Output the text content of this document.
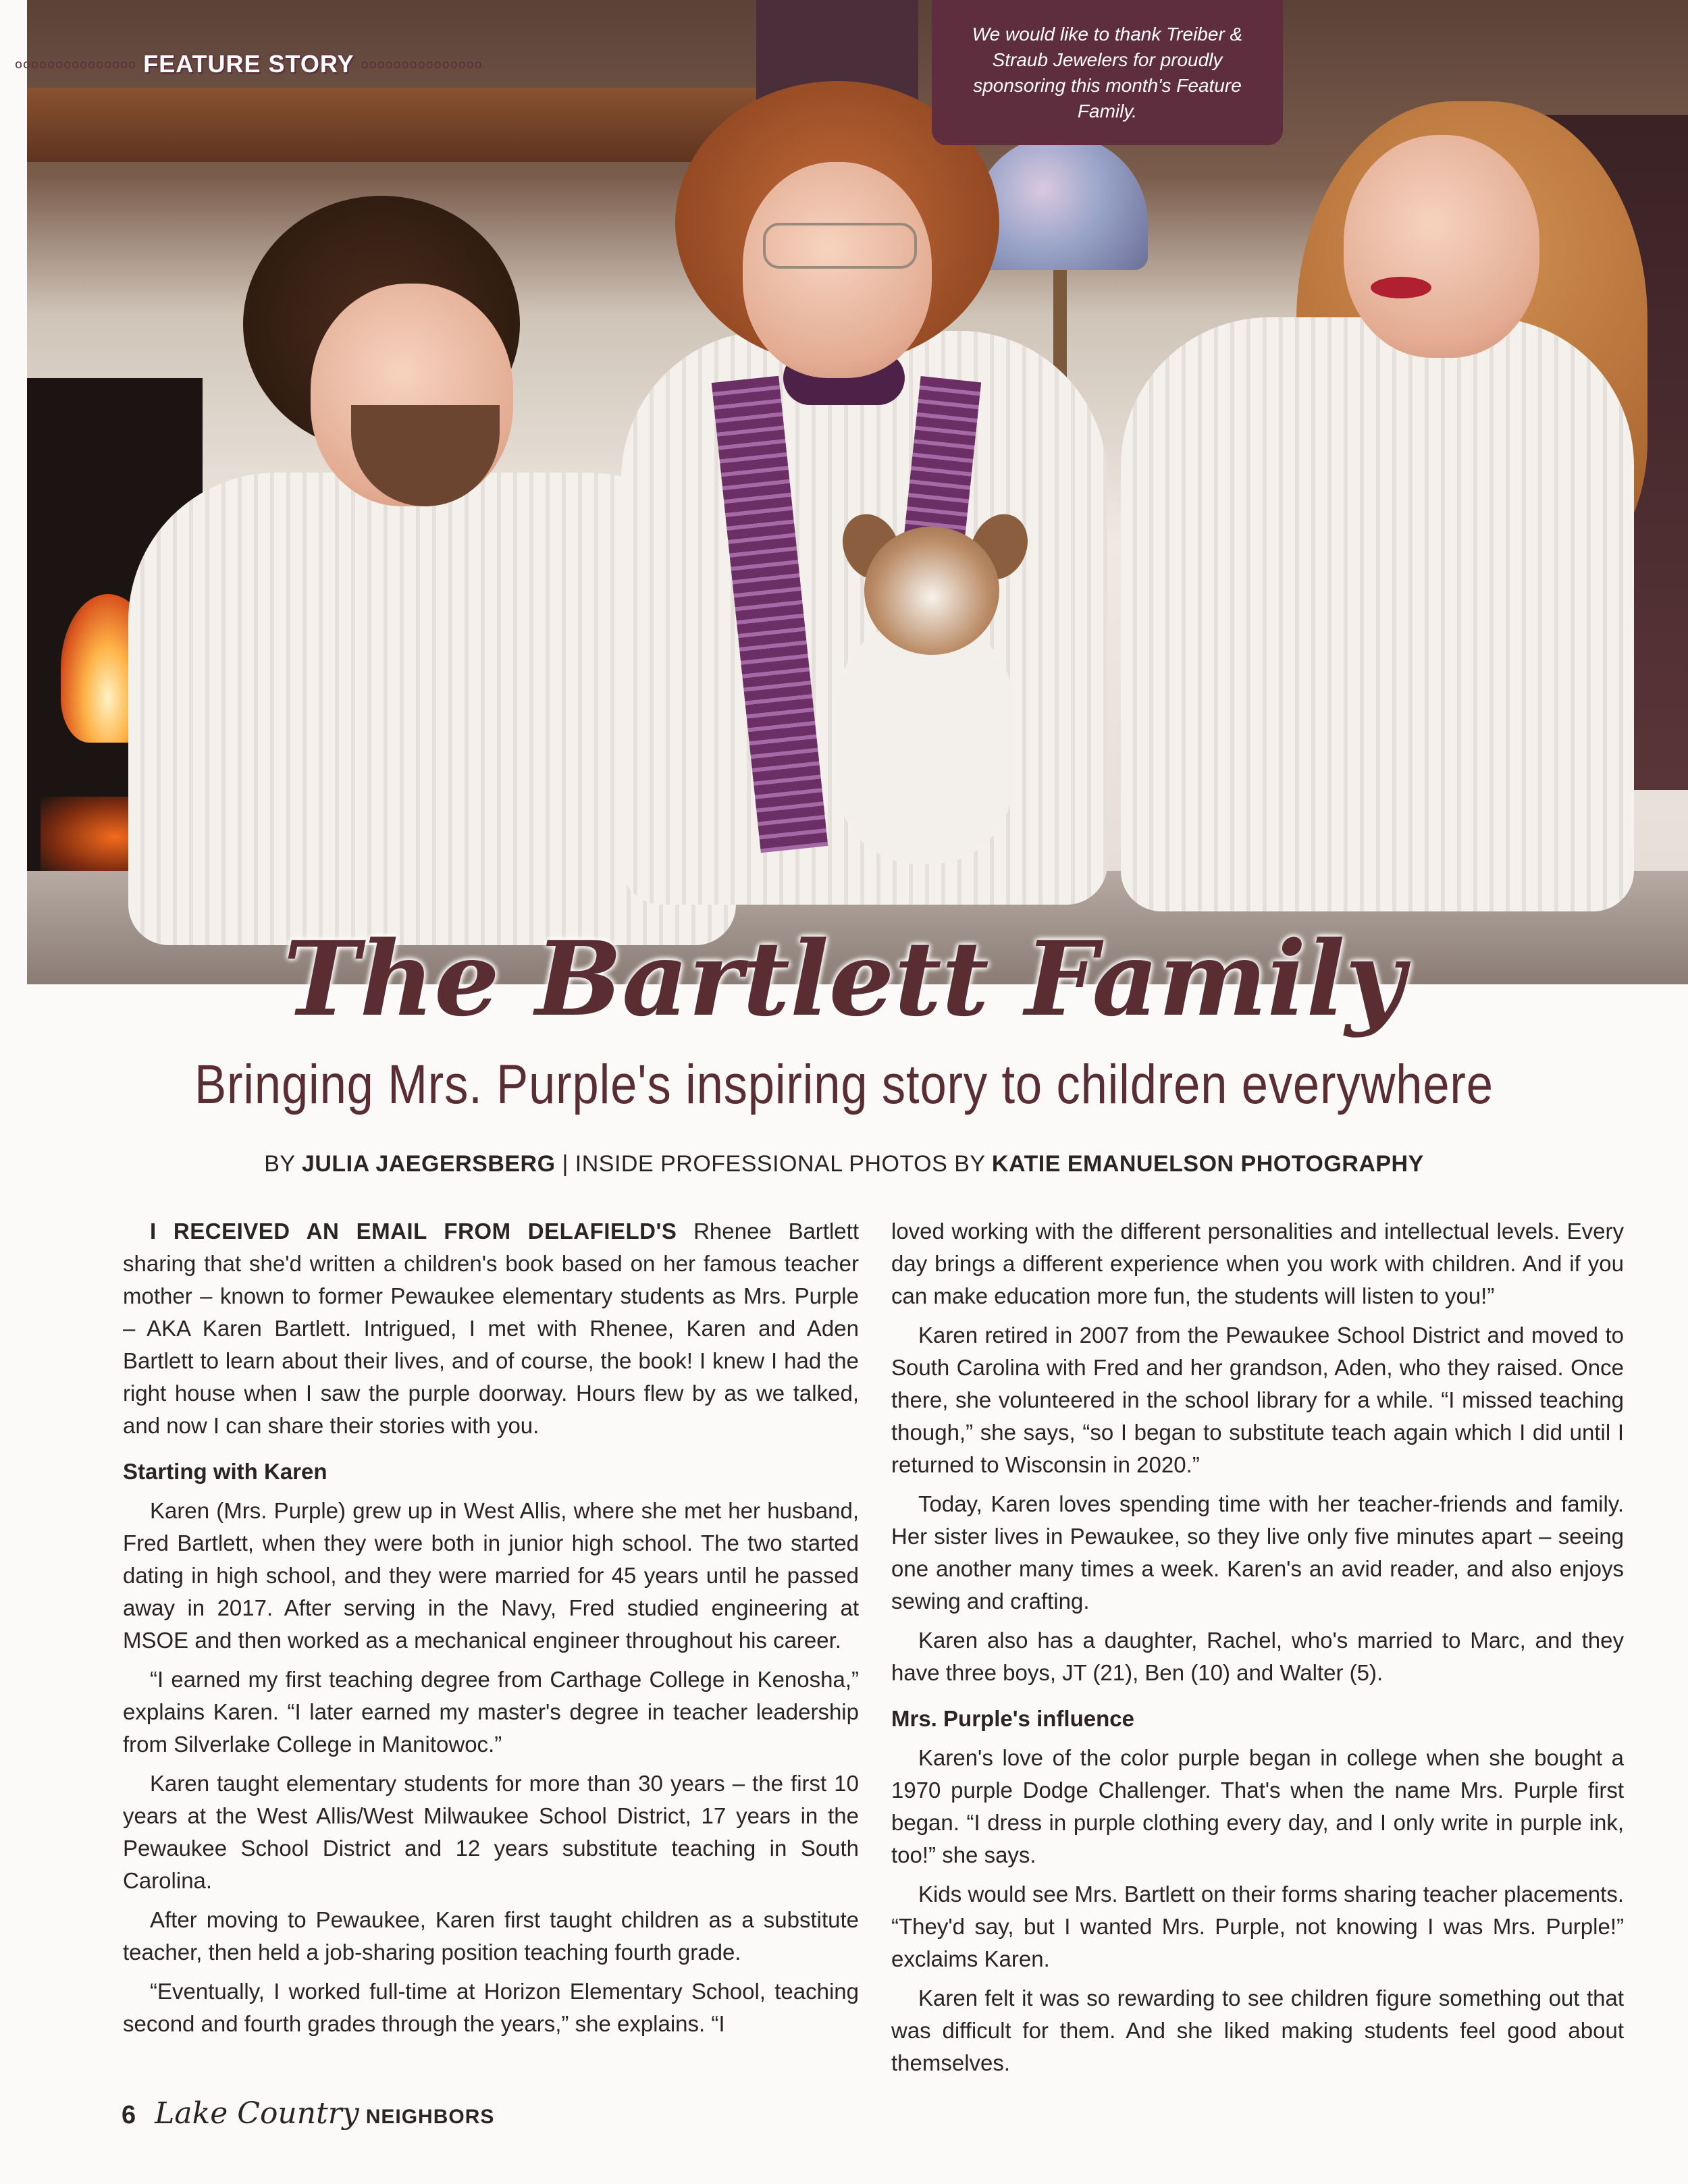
ooooooooooooooo FEATURE STORY ooooooooooooooo
We would like to thank Treiber & Straub Jewelers for proudly sponsoring this month's Feature Family.
The Bartlett Family
Bringing Mrs. Purple's inspiring story to children everywhere
BY JULIA JAEGERSBERG | INSIDE PROFESSIONAL PHOTOS BY KATIE EMANUELSON PHOTOGRAPHY

I RECEIVED AN EMAIL FROM DELAFIELD'S Rhenee Bartlett sharing that she'd written a children's book based on her famous teacher mother – known to former Pewaukee elementary students as Mrs. Purple – AKA Karen Bartlett. Intrigued, I met with Rhenee, Karen and Aden Bartlett to learn about their lives, and of course, the book! I knew I had the right house when I saw the purple doorway. Hours flew by as we talked, and now I can share their stories with you.

Starting with Karen

Karen (Mrs. Purple) grew up in West Allis, where she met her husband, Fred Bartlett, when they were both in junior high school. The two started dating in high school, and they were married for 45 years until he passed away in 2017. After serving in the Navy, Fred studied engineering at MSOE and then worked as a mechanical engineer throughout his career.

“I earned my first teaching degree from Carthage College in Kenosha,” explains Karen. “I later earned my master's degree in teacher leadership from Silverlake College in Manitowoc.”

Karen taught elementary students for more than 30 years – the first 10 years at the West Allis/West Milwaukee School District, 17 years in the Pewaukee School District and 12 years substitute teaching in South Carolina.

After moving to Pewaukee, Karen first taught children as a substitute teacher, then held a job-sharing position teaching fourth grade.

“Eventually, I worked full-time at Horizon Elementary School, teaching second and fourth grades through the years,” she explains. “I

loved working with the different personalities and intellectual levels. Every day brings a different experience when you work with children. And if you can make education more fun, the students will listen to you!”

Karen retired in 2007 from the Pewaukee School District and moved to South Carolina with Fred and her grandson, Aden, who they raised. Once there, she volunteered in the school library for a while. “I missed teaching though,” she says, “so I began to substitute teach again which I did until I returned to Wisconsin in 2020.”

Today, Karen loves spending time with her teacher-friends and family. Her sister lives in Pewaukee, so they live only five minutes apart – seeing one another many times a week. Karen's an avid reader, and also enjoys sewing and crafting.

Karen also has a daughter, Rachel, who's married to Marc, and they have three boys, JT (21), Ben (10) and Walter (5).

Mrs. Purple's influence

Karen's love of the color purple began in college when she bought a 1970 purple Dodge Challenger. That's when the name Mrs. Purple first began. “I dress in purple clothing every day, and I only write in purple ink, too!” she says.

Kids would see Mrs. Bartlett on their forms sharing teacher placements. “They'd say, but I wanted Mrs. Purple, not knowing I was Mrs. Purple!” exclaims Karen.

Karen felt it was so rewarding to see children figure something out that was difficult for them. And she liked making students feel good about themselves.

6 Lake Country NEIGHBORS
